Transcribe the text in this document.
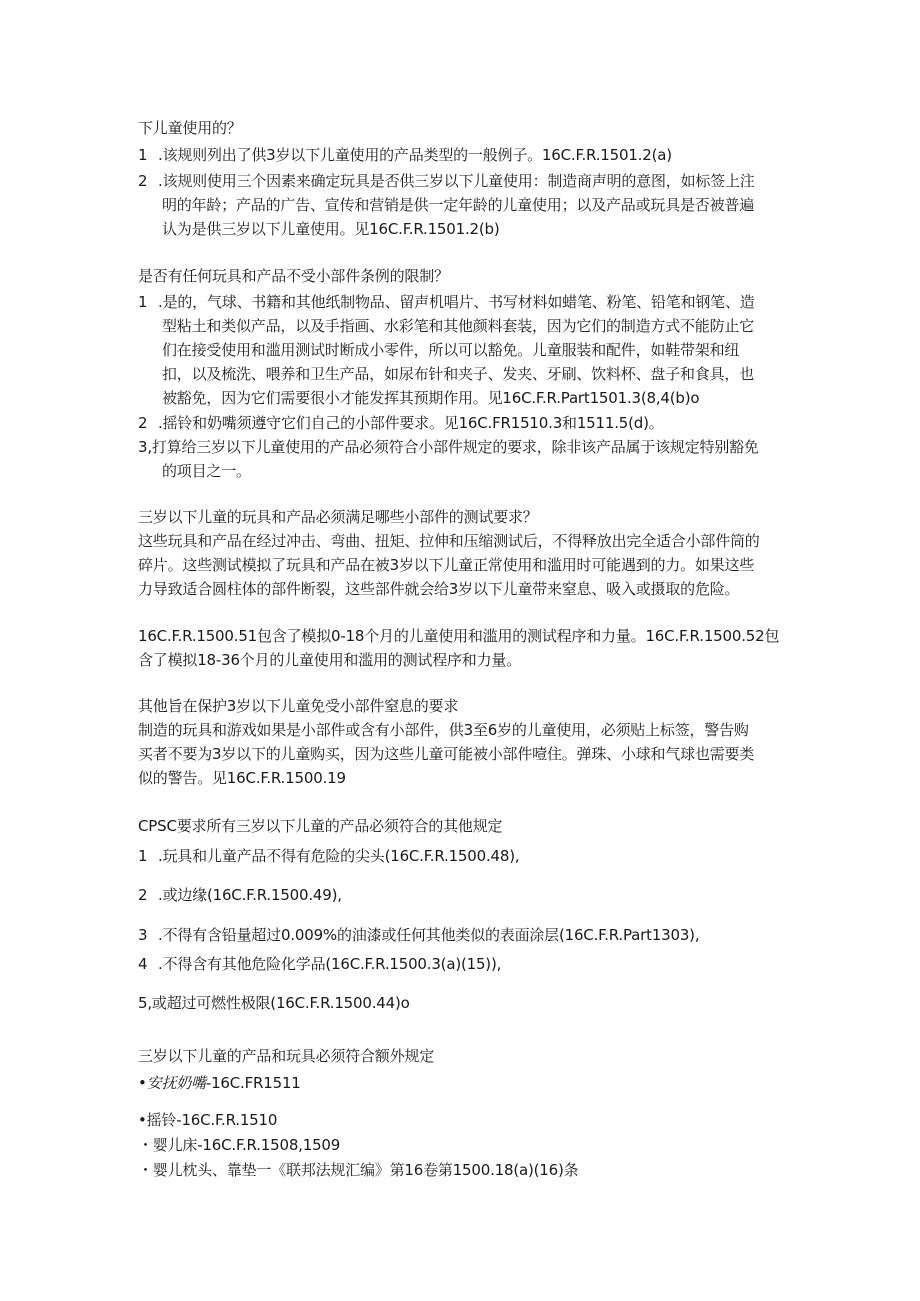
下儿童使用的？
1 .该规则列出了供3岁以下儿童使用的产品类型的一般例子。16C.F.R.1501.2(a)
2 .该规则使用三个因素来确定玩具是否供三岁以下儿童使用：制造商声明的意图，如标签上注
明的年龄；产品的广告、宣传和营销是供一定年龄的儿童使用；以及产品或玩具是否被普遍
认为是供三岁以下儿童使用。见16C.F.R.1501.2(b)
是否有任何玩具和产品不受小部件条例的限制？
1 .是的，气球、书籍和其他纸制物品、留声机唱片、书写材料如蜡笔、粉笔、铅笔和钢笔、造
型粘土和类似产品，以及手指画、水彩笔和其他颜料套装，因为它们的制造方式不能防止它
们在接受使用和滥用测试时断成小零件，所以可以豁免。儿童服装和配件，如鞋带架和纽
扣，以及梳洗、喂养和卫生产品，如尿布针和夹子、发夹、牙刷、饮料杯、盘子和食具，也
被豁免，因为它们需要很小才能发挥其预期作用。见16C.F.R.Part1501.3(8,4(b)o
2 .摇铃和奶嘴须遵守它们自己的小部件要求。见16C.FR1510.3和1511.5(d)。
3,打算给三岁以下儿童使用的产品必须符合小部件规定的要求，除非该产品属于该规定特别豁免
的项目之一。
三岁以下儿童的玩具和产品必须满足哪些小部件的测试要求？
这些玩具和产品在经过冲击、弯曲、扭矩、拉伸和压缩测试后，不得释放出完全适合小部件筒的
碎片。这些测试模拟了玩具和产品在被3岁以下儿童正常使用和滥用时可能遇到的力。如果这些
力导致适合圆柱体的部件断裂，这些部件就会给3岁以下儿童带来窒息、吸入或摄取的危险。
16C.F.R.1500.51包含了模拟0-18个月的儿童使用和滥用的测试程序和力量。16C.F.R.1500.52包
含了模拟18-36个月的儿童使用和滥用的测试程序和力量。
其他旨在保护3岁以下儿童免受小部件窒息的要求
制造的玩具和游戏如果是小部件或含有小部件，供3至6岁的儿童使用，必须贴上标签，警告购
买者不要为3岁以下的儿童购买，因为这些儿童可能被小部件噎住。弹珠、小球和气球也需要类
似的警告。见16C.F.R.1500.19
CPSC要求所有三岁以下儿童的产品必须符合的其他规定
1 .玩具和儿童产品不得有危险的尖头(16C.F.R.1500.48),
2 .或边缘(16C.F.R.1500.49),
3 .不得有含铅量超过0.009%的油漆或任何其他类似的表面涂层(16C.F.R.Part1303),
4 .不得含有其他危险化学品(16C.F.R.1500.3(a)(15)),
5,或超过可燃性极限(16C.F.R.1500.44)o
三岁以下儿童的产品和玩具必须符合额外规定
•安抚奶嘴-16C.FR1511
•摇铃-16C.F.R.1510
・婴儿床-16C.F.R.1508,1509
・婴儿枕头、靠垫一《联邦法规汇编》第16卷第1500.18(a)(16)条
